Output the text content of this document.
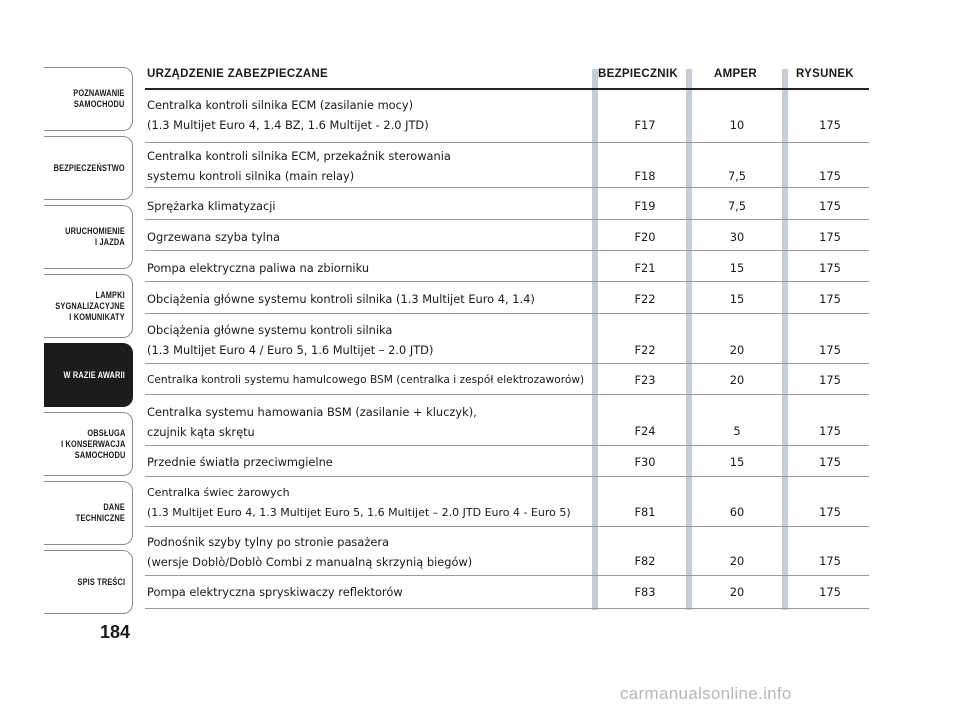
POZNAWANIE
SAMOCHODU
BEZPIECZEŃSTWO
URUCHOMIENIE
I JAZDA
LAMPKI
SYGNALIZACYJNE
I KOMUNIKATY
W RAZIE AWARII
OBSŁUGA
I KONSERWACJA
SAMOCHODU
DANE
TECHNICZNE
SPIS TREŚCI
184
URZĄDZENIE ZABEZPIECZANE	BEZPIECZNIK	AMPER	RYSUNEK
Centralka kontroli silnika ECM (zasilanie mocy)
(1.3 Multijet Euro 4, 1.4 BZ, 1.6 Multijet - 2.0 JTD)	F17	10	175
Centralka kontroli silnika ECM, przekaźnik sterowania
systemu kontroli silnika (main relay)	F18	7,5	175
Sprężarka klimatyzacji	F19	7,5	175
Ogrzewana szyba tylna	F20	30	175
Pompa elektryczna paliwa na zbiorniku	F21	15	175
Obciążenia główne systemu kontroli silnika (1.3 Multijet Euro 4, 1.4)	F22	15	175
Obciążenia główne systemu kontroli silnika
(1.3 Multijet Euro 4 / Euro 5, 1.6 Multijet – 2.0 JTD)	F22	20	175
Centralka kontroli systemu hamulcowego BSM (centralka i zespół elektrozaworów)	F23	20	175
Centralka systemu hamowania BSM (zasilanie + kluczyk),
czujnik kąta skrętu	F24	5	175
Przednie światła przeciwmgielne	F30	15	175
Centralka świec żarowych
(1.3 Multijet Euro 4, 1.3 Multijet Euro 5, 1.6 Multijet – 2.0 JTD Euro 4 - Euro 5)	F81	60	175
Podnośnik szyby tylny po stronie pasażera
(wersje Doblò/Doblò Combi z manualną skrzynią biegów)	F82	20	175
Pompa elektryczna spryskiwaczy reflektorów	F83	20	175
carmanualsonline.info
